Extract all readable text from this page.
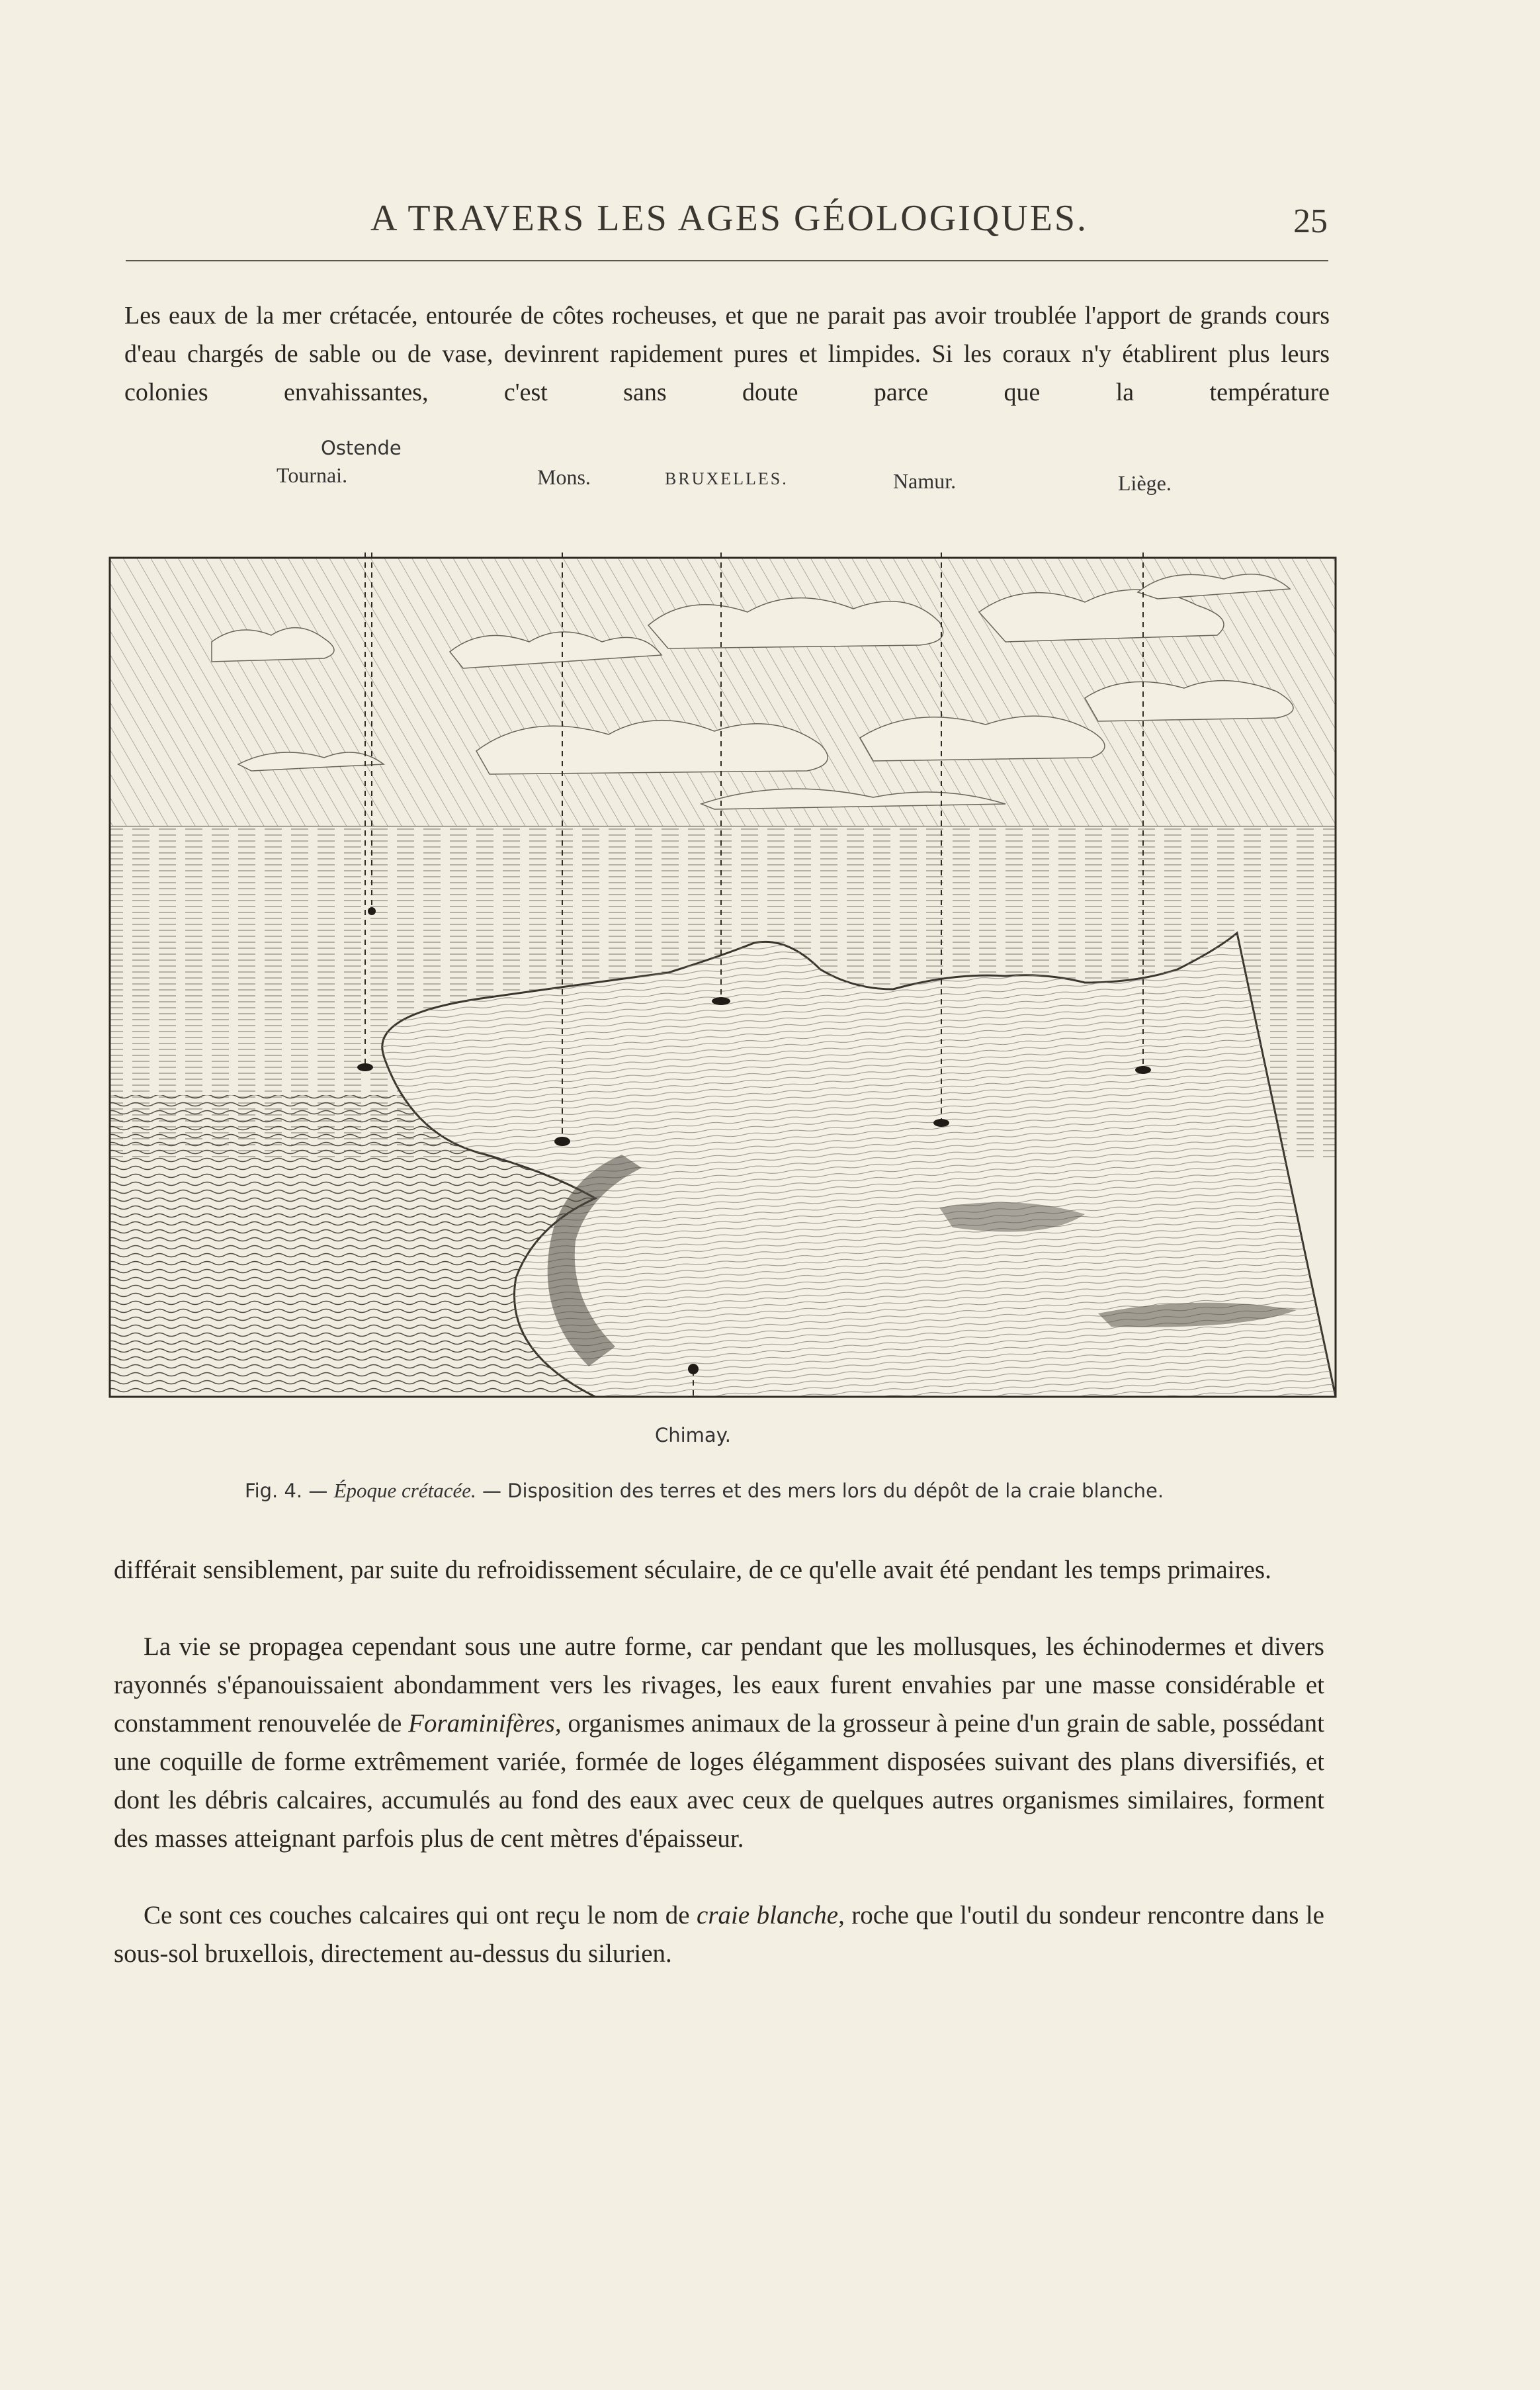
A TRAVERS LES AGES GÉOLOGIQUES.	25
Les eaux de la mer crétacée, entourée de côtes rocheuses, et que ne parait pas avoir troublée l'apport de grands cours d'eau chargés de sable ou de vase, devinrent rapidement pures et limpides. Si les coraux n'y établirent plus leurs colonies envahissantes, c'est sans doute parce que la température
Ostende
Tournai.	Mons.	BRUXELLES.	Namur.	Liège.
Chimay.
Fig. 4. — Époque crétacée. — Disposition des terres et des mers lors du dépôt de la craie blanche.
différait sensiblement, par suite du refroidissement séculaire, de ce qu'elle avait été pendant les temps primaires.
La vie se propagea cependant sous une autre forme, car pendant que les mollusques, les échinodermes et divers rayonnés s'épanouissaient abondamment vers les rivages, les eaux furent envahies par une masse considérable et constamment renouvelée de Foraminifères, organismes animaux de la grosseur à peine d'un grain de sable, possédant une coquille de forme extrêmement variée, formée de loges élégamment disposées suivant des plans diversifiés, et dont les débris calcaires, accumulés au fond des eaux avec ceux de quelques autres organismes similaires, forment des masses atteignant parfois plus de cent mètres d'épaisseur.
Ce sont ces couches calcaires qui ont reçu le nom de craie blanche, roche que l'outil du sondeur rencontre dans le sous-sol bruxellois, directement au-dessus du silurien.
